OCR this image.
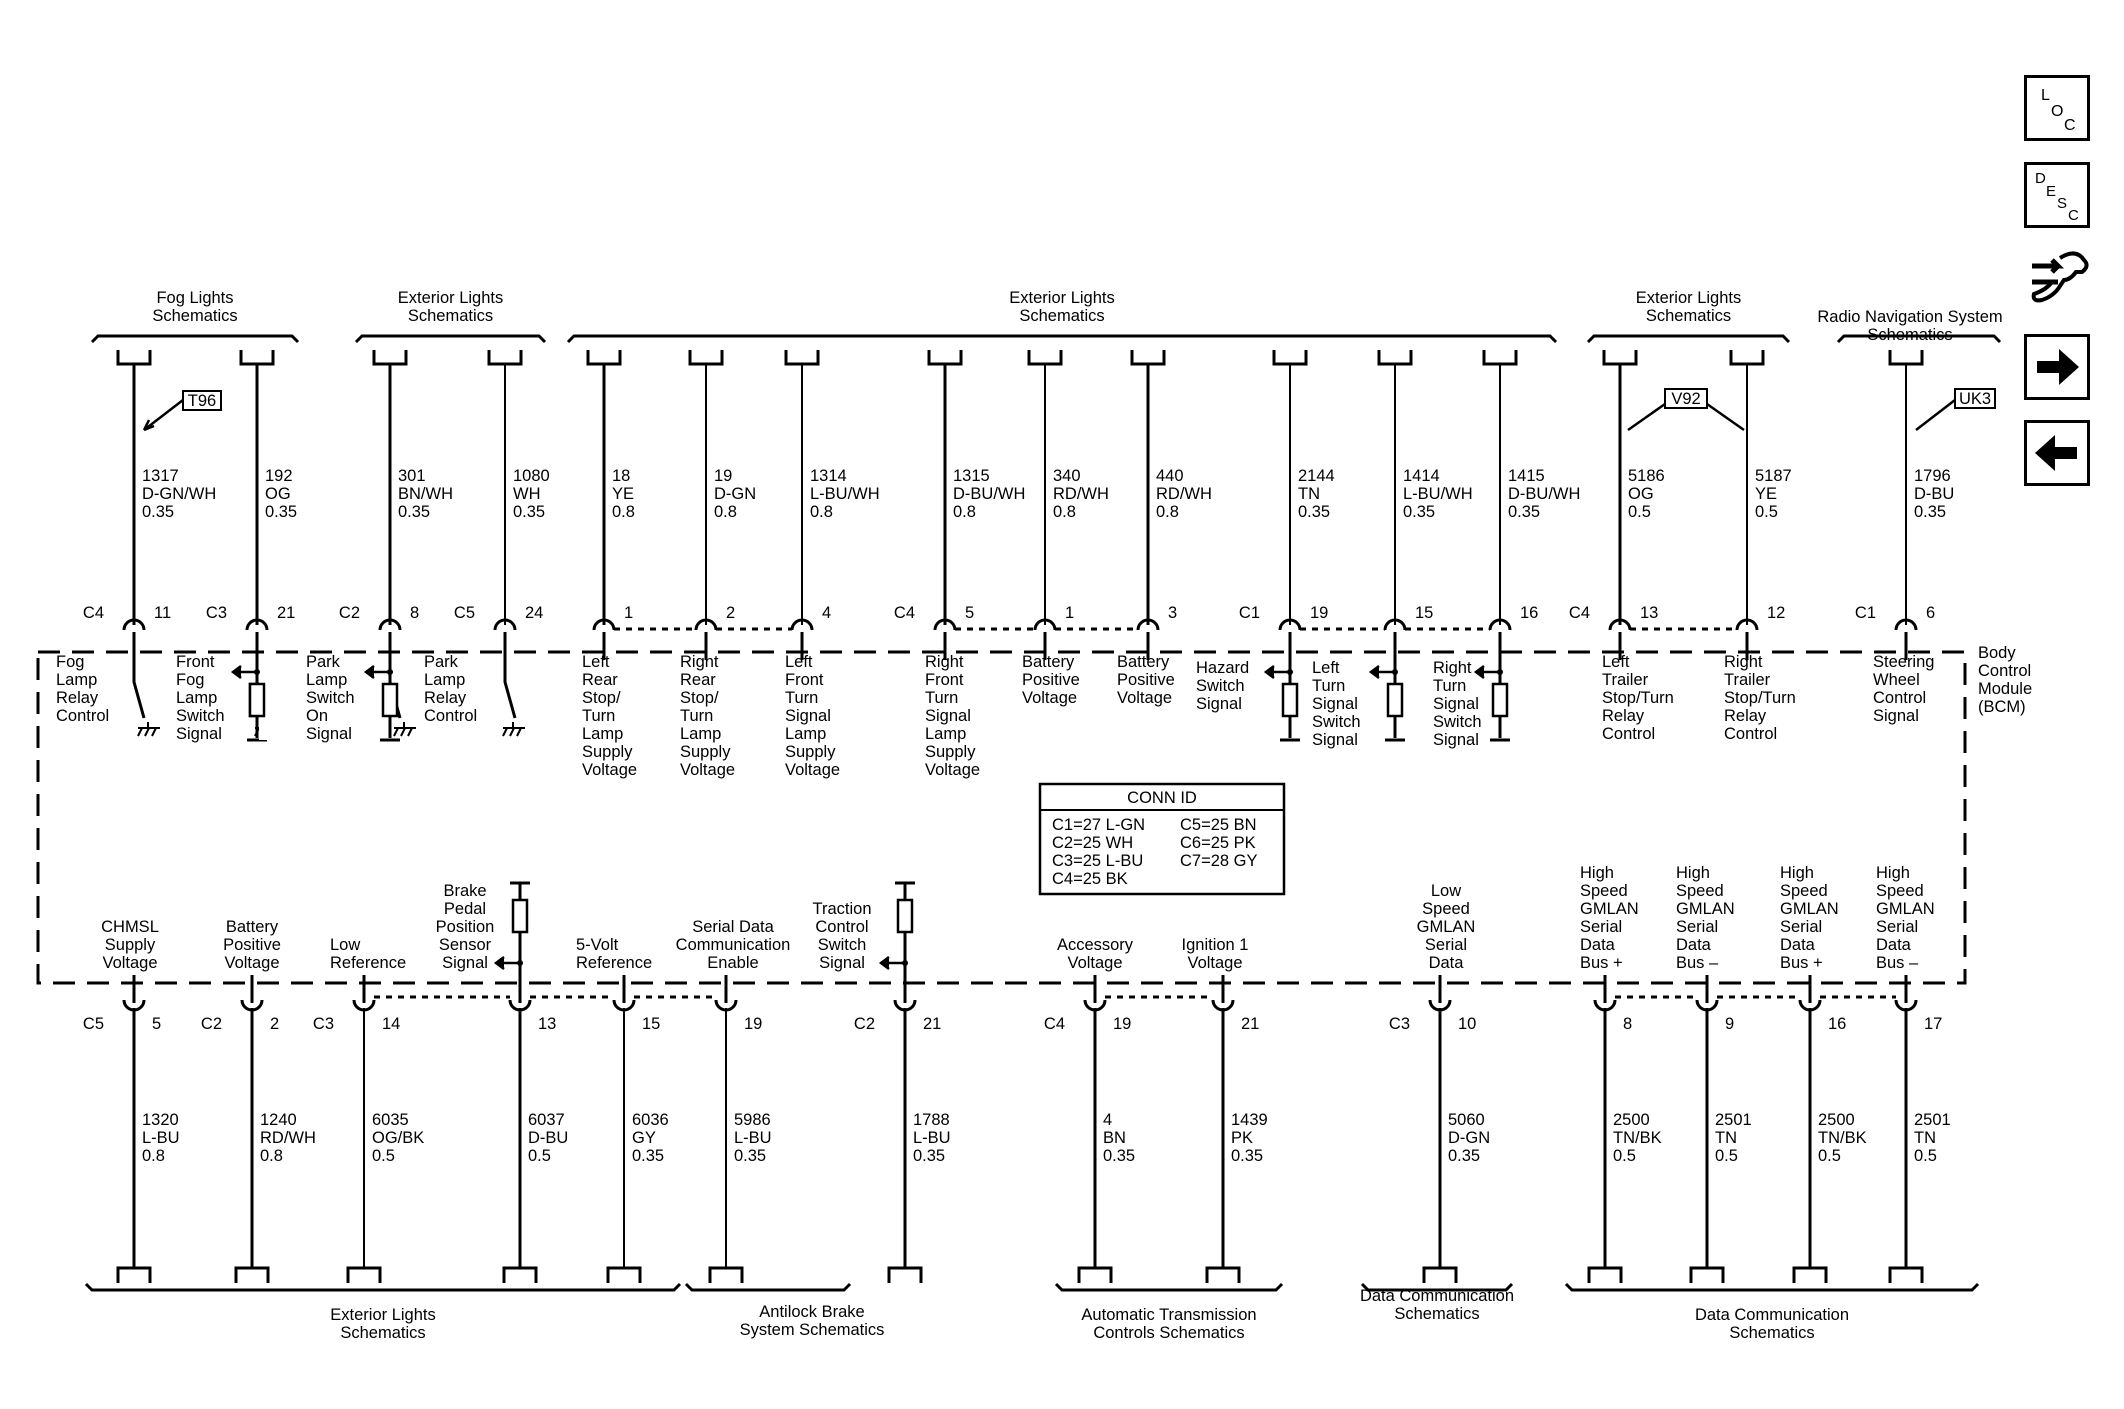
Body
Control
Module
(BCM)
Fog Lights
Schematics
Exterior Lights
Schematics
Exterior Lights
Schematics
Exterior Lights
Schematics	Radio Navigation System
Schematics
1317
D-GN/WH
0.35
C4	11
Fog
Lamp
Relay
Control
192
OG
0.35
C3	21
Front
Fog
Lamp
Switch
Signal
301
BN/WH
0.35
C2	8
Park
Lamp
Switch
On
Signal
1080
WH
0.35
C5	24
Park
Lamp
Relay
Control
18
YE
0.8
1
Left
Rear
Stop/
Turn
Lamp
Supply
Voltage
19
D-GN
0.8
2
Right
Rear
Stop/
Turn
Lamp
Supply
Voltage
1314
L-BU/WH
0.8
4
Left
Front
Turn
Signal
Lamp
Supply
Voltage
1315
D-BU/WH
0.8
C4	5
Right
Front
Turn
Signal
Lamp
Supply
Voltage
340
RD/WH
0.8
1
Battery
Positive
Voltage
440
RD/WH
0.8
3
Battery
Positive
Voltage
2144
TN
0.35
C1	19
Hazard
Switch
Signal
1414
L-BU/WH
0.35
15
Left
Turn
Signal
Switch
Signal
1415
D-BU/WH
0.35
16
Right
Turn
Signal
Switch
Signal
5186
OG
0.5
C4	13
Left
Trailer
Stop/Turn
Relay
Control
5187
YE
0.5
12
Right
Trailer
Stop/Turn
Relay
Control
1796
D-BU
0.35
C1	6
Steering
Wheel
Control
Signal
T96	V92	UK3
CONN ID
C1=27 L-GN
C2=25 WH
C3=25 L-BU
C4=25 BK
C5=25 BN
C6=25 PK
C7=28 GY
1320
L-BU
0.8
C5	5
CHMSL
Supply
Voltage
1240
RD/WH
0.8
C2	2
Battery
Positive
Voltage
6035
OG/BK
0.5
C3	14
Low
Reference
6037
D-BU
0.5
13
Brake
Pedal
Position
Sensor
Signal
6036
GY
0.35
15
5-Volt
Reference
5986
L-BU
0.35
19
Serial Data
Communication
Enable
1788
L-BU
0.35
C2	21
Traction
Control
Switch
Signal
4
BN
0.35
C4	19
Accessory
Voltage
1439
PK
0.35
21
Ignition 1
Voltage
5060
D-GN
0.35
C3	10
Low
Speed
GMLAN
Serial
Data
2500
TN/BK
0.5
8
High
Speed
GMLAN
Serial
Data
Bus +
2501
TN
0.5
9
High
Speed
GMLAN
Serial
Data
Bus –
2500
TN/BK
0.5
16
High
Speed
GMLAN
Serial
Data
Bus +
2501
TN
0.5
17
High
Speed
GMLAN
Serial
Data
Bus –
Exterior Lights
Schematics
Antilock Brake
System Schematics
Automatic Transmission
Controls Schematics
Data Communication
Schematics	Data Communication
Schematics
L
O
C
D
E
S
C
